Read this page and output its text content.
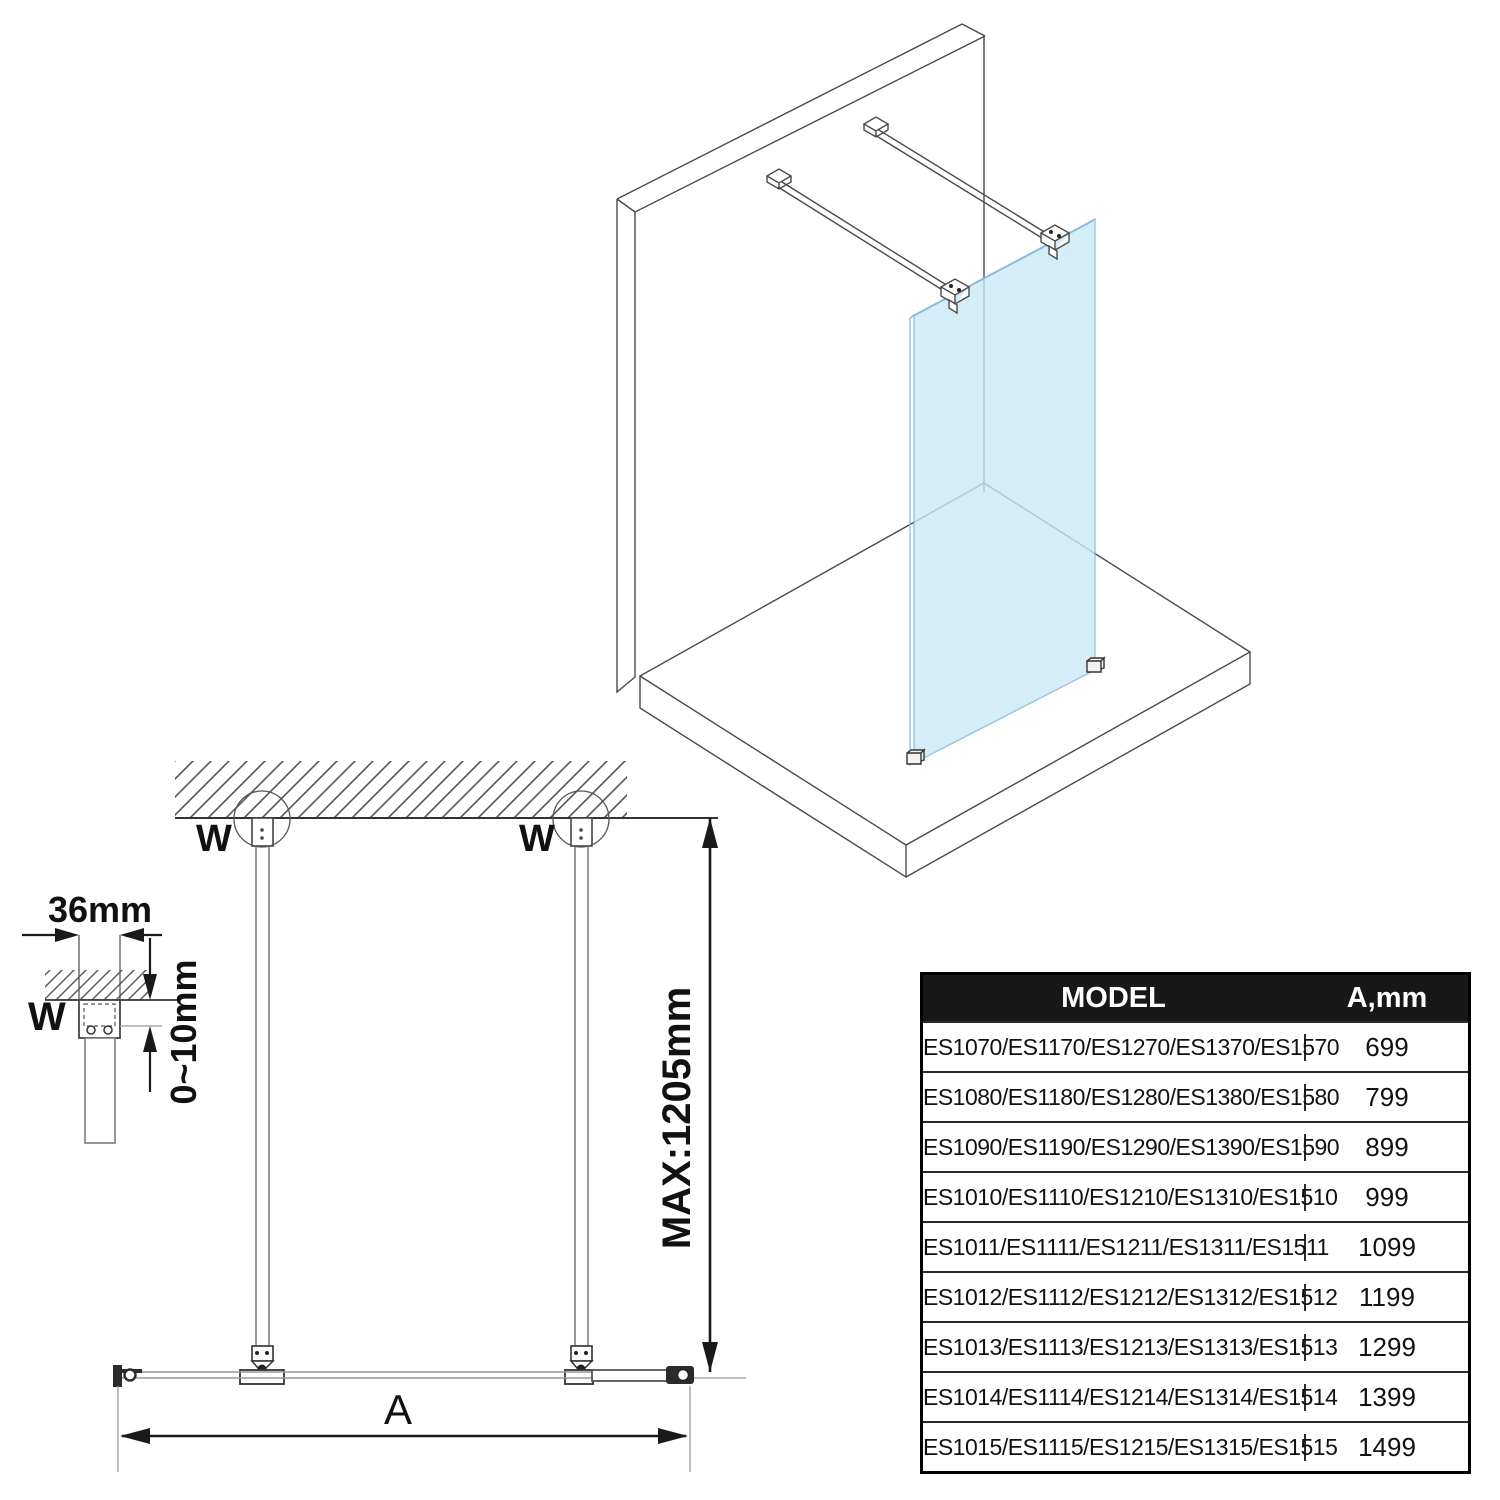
W	W
A
MAX:1205mm
36mm
W	0~10mm	MODEL	A,mm
ES1070/ES1170/ES1270/ES1370/ES1570	699
ES1080/ES1180/ES1280/ES1380/ES1580	799
ES1090/ES1190/ES1290/ES1390/ES1590	899
ES1010/ES1110/ES1210/ES1310/ES1510	999
ES1011/ES1111/ES1211/ES1311/ES1511	1099
ES1012/ES1112/ES1212/ES1312/ES1512 1199
ES1013/ES1113/ES1213/ES1313/ES1513 1299
ES1014/ES1114/ES1214/ES1314/ES1514 1399
ES1015/ES1115/ES1215/ES1315/ES1515 1499
